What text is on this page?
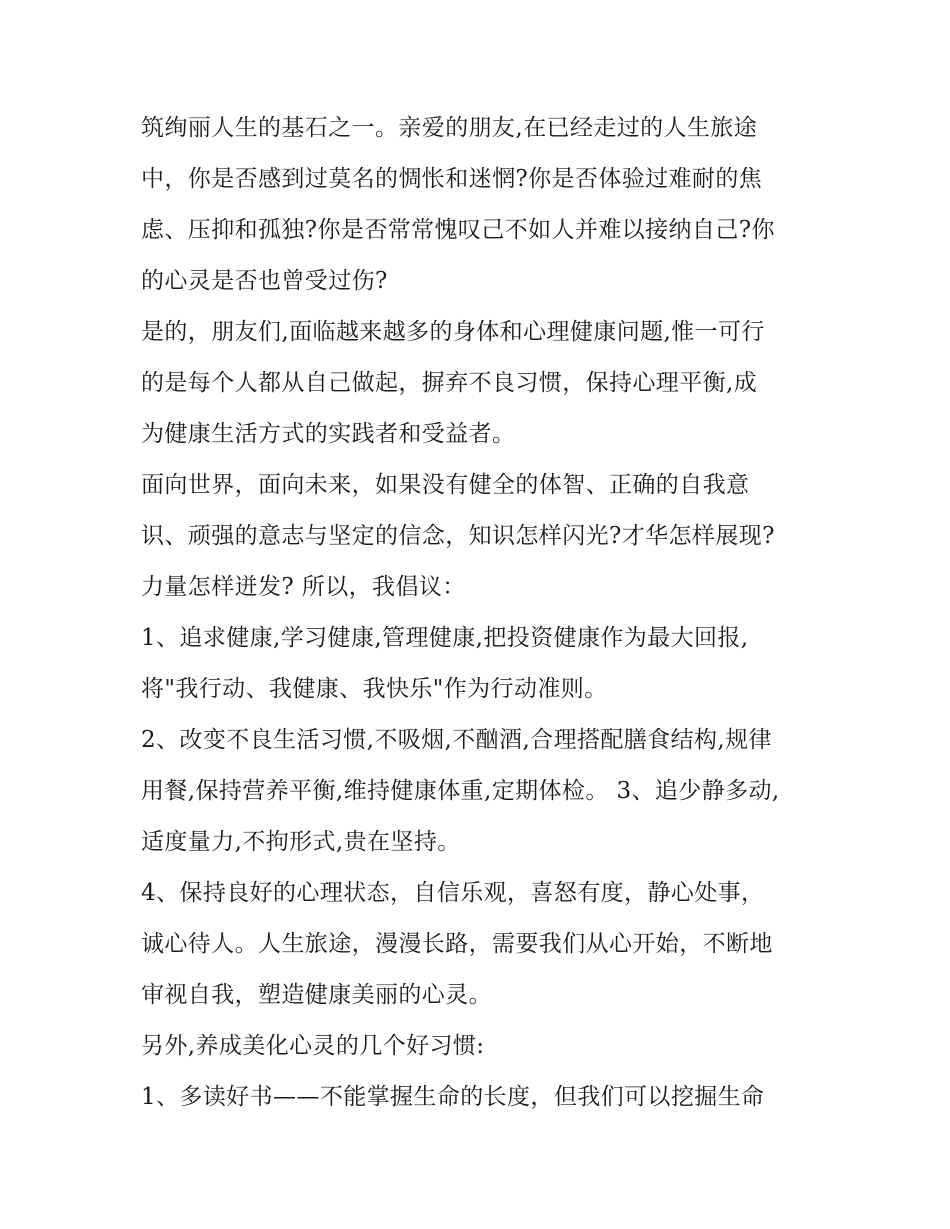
筑绚丽人生的基石之一。亲爱的朋友,在已经走过的人生旅途
中，你是否感到过莫名的惆怅和迷惘?你是否体验过难耐的焦
虑、压抑和孤独?你是否常常愧叹己不如人并难以接纳自己?你
的心灵是否也曾受过伤?
是的，朋友们,面临越来越多的身体和心理健康问题,惟一可行
的是每个人都从自己做起，摒弃不良习惯，保持心理平衡,成
为健康生活方式的实践者和受益者。
面向世界，面向未来，如果没有健全的体智、正确的自我意
识、顽强的意志与坚定的信念，知识怎样闪光?才华怎样展现?
力量怎样迸发? 所以，我倡议：
1、追求健康,学习健康,管理健康,把投资健康作为最大回报,
将"我行动、我健康、我快乐"作为行动准则。
2、改变不良生活习惯,不吸烟,不酗酒,合理搭配膳食结构,规律
用餐,保持营养平衡,维持健康体重,定期体检。 3、追少静多动,
适度量力,不拘形式,贵在坚持。
4、保持良好的心理状态，自信乐观，喜怒有度，静心处事，
诚心待人。人生旅途，漫漫长路，需要我们从心开始，不断地
审视自我，塑造健康美丽的心灵。
另外,养成美化心灵的几个好习惯:
1、多读好书——不能掌握生命的长度，但我们可以挖掘生命
